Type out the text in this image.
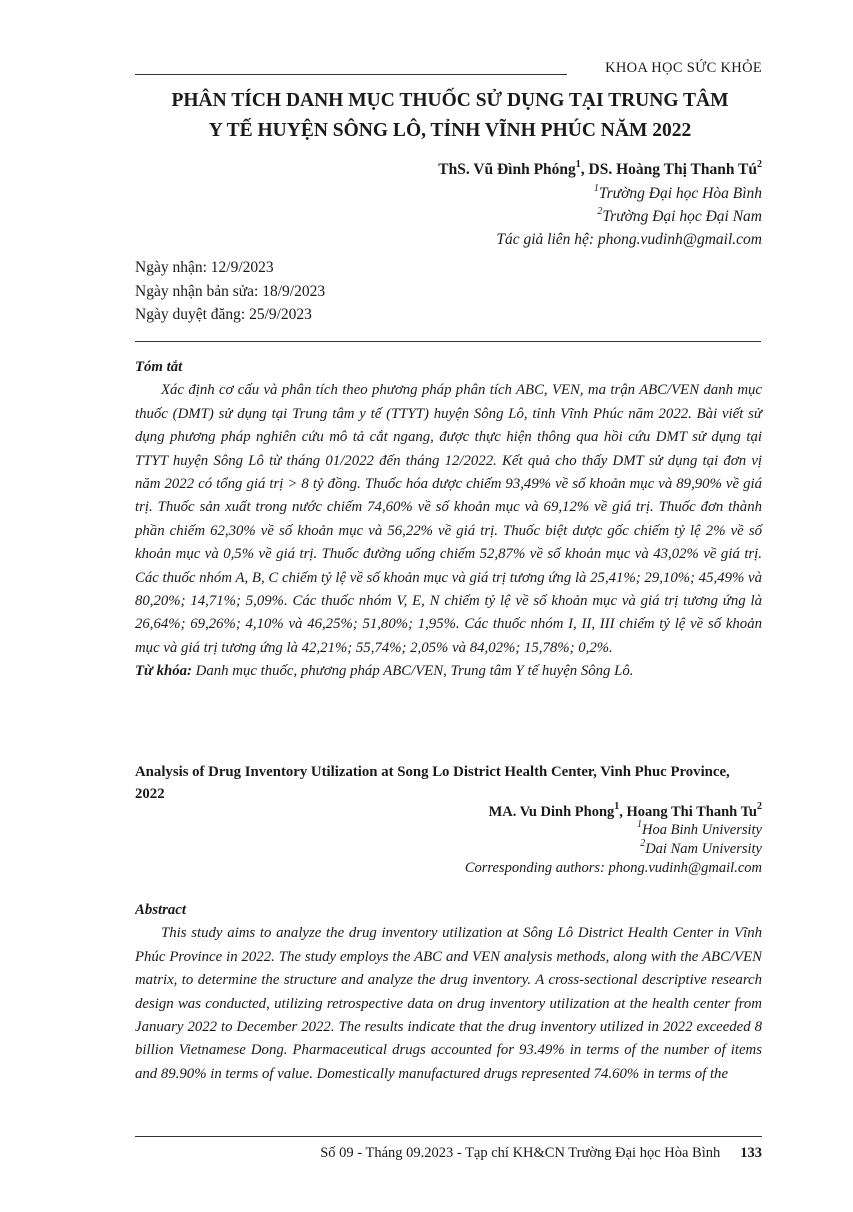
KHOA HỌC SỨC KHỎE
PHÂN TÍCH DANH MỤC THUỐC SỬ DỤNG TẠI TRUNG TÂM
Y TẾ HUYỆN SÔNG LÔ, TỈNH VĨNH PHÚC NĂM 2022
ThS. Vũ Đình Phóng$^1$, DS. Hoàng Thị Thanh $Tú^2$
$^1$Trường Đại học Hòa Bình
$^2$Trường Đại học Đại Nam
Tác giả liên hệ: phong.vudinh@gmail.com
Ngày nhận: 12/9/2023
Ngày nhận bản sửa: 18/9/2023
Ngày duyệt đăng: 25/9/2023
Tóm tắt

Xác định cơ cấu và phân tích theo phương pháp phân tích ABC, VEN, ma trận ABC/VEN danh mục thuốc (DMT) sử dụng tại Trung tâm y tế (TTYT) huyện Sông Lô, tỉnh Vĩnh Phúc năm 2022. Bài viết sử dụng phương pháp nghiên cứu mô tả cắt ngang, được thực hiện thông qua hồi cứu DMT sử dụng tại TTYT huyện Sông Lô từ tháng 01/2022 đến tháng 12/2022. Kết quả cho thấy DMT sử dụng tại đơn vị năm 2022 có tổng giá trị > 8 tỷ đồng. Thuốc hóa dược chiếm 93,49% về số khoản mục và 89,90% về giá trị. Thuốc sản xuất trong nước chiếm 74,60% về số khoản mục và 69,12% về giá trị. Thuốc đơn thành phần chiếm 62,30% về số khoản mục và 56,22% về giá trị. Thuốc biệt dược gốc chiếm tỷ lệ 2% về số khoản mục và 0,5% về giá trị. Thuốc đường uống chiếm 52,87% về số khoản mục và 43,02% về giá trị. Các thuốc nhóm A, B, C chiếm tỷ lệ về số khoản mục và giá trị tương ứng là 25,41%; 29,10%; 45,49% và 80,20%; 14,71%; 5,09%. Các thuốc nhóm V, E, N chiếm tỷ lệ về số khoản mục và giá trị tương ứng là 26,64%; 69,26%; 4,10% và 46,25%; 51,80%; 1,95%. Các thuốc nhóm I, II, III chiếm tỷ lệ về số khoản mục và giá trị tương ứng là 42,21%; 55,74%; 2,05% và 84,02%; 15,78%; 0,2%.

Từ khóa: Danh mục thuốc, phương pháp ABC/VEN, Trung tâm Y tế huyện Sông Lô.
Analysis of Drug Inventory Utilization at Song Lo District Health Center, Vinh Phuc Province, 2022
MA. Vu Dinh Phong$^1$, Hoang Thi Thanh Tu$^2$
$^1$Hoa Binh University
$^2$Dai Nam University
Corresponding authors: phong.vudinh@gmail.com
Abstract

This study aims to analyze the drug inventory utilization at Sông Lô District Health Center in Vĩnh Phúc Province in 2022. The study employs the ABC and VEN analysis methods, along with the ABC/VEN matrix, to determine the structure and analyze the drug inventory. A cross-sectional descriptive research design was conducted, utilizing retrospective data on drug inventory utilization at the health center from January 2022 to December 2022. The results indicate that the drug inventory utilized in 2022 exceeded 8 billion Vietnamese Dong. Pharmaceutical drugs accounted for 93.49% in terms of the number of items and 89.90% in terms of value. Domestically manufactured drugs represented 74.60% in terms of the

Số 09 - Tháng 09.2023 - Tạp chí KH&CN Trường Đại học Hòa Bình 133
